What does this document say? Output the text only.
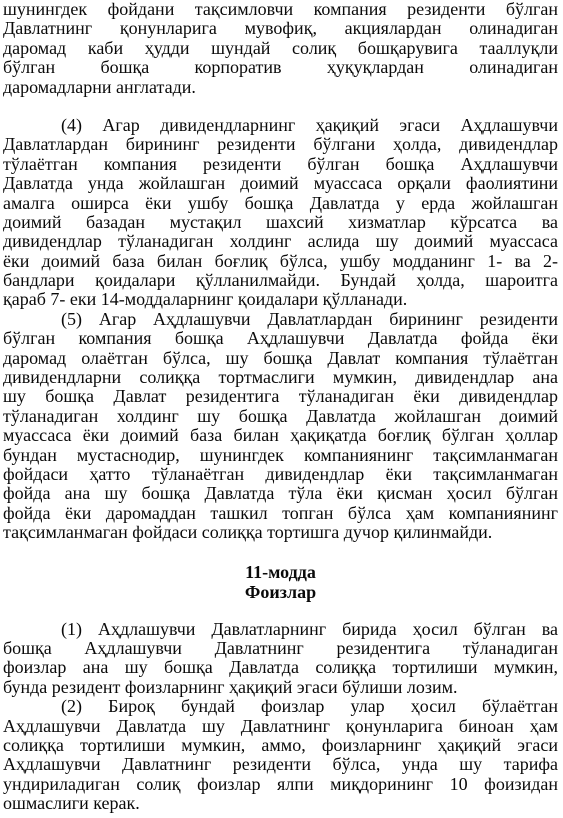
шунингдек фойдани тақсимловчи компания резиденти бўлган
Давлатнинг қонунларига мувофиқ, акциялардан олинадиган
даромад каби ҳудди шундай солиқ бошқарувига тааллуқли
бўлган бошқа корпоратив ҳуқуқлардан олинадиган
даромадларни англатади.
(4) Агар дивидендларнинг ҳақиқий эгаси Аҳдлашувчи
Давлатлардан бирининг резиденти бўлгани ҳолда, дивидендлар
тўлаётган компания резиденти бўлган бошқа Аҳдлашувчи
Давлатда унда жойлашган доимий муассаса орқали фаолиятини
амалга оширса ёки ушбу бошқа Давлатда у ерда жойлашган
доимий базадан мустақил шахсий хизматлар кўрсатса ва
дивидендлар тўланадиган холдинг аслида шу доимий муассаса
ёки доимий база билан боғлиқ бўлса, ушбу модданинг 1- ва 2-
бандлари қоидалари қўлланилмайди. Бундай ҳолда, шароитга
қараб 7- еки 14-моддаларнинг қоидалари қўлланади.
(5) Агар Аҳдлашувчи Давлатлардан бирининг резиденти
бўлган компания бошқа Аҳдлашувчи Давлатда фойда ёки
даромад олаётган бўлса, шу бошқа Давлат компания тўлаётган
дивидендларни солиққа тортмаслиги мумкин, дивидендлар ана
шу бошқа Давлат резидентига тўланадиган ёки дивидендлар
тўланадиган холдинг шу бошқа Давлатда жойлашган доимий
муассаса ёки доимий база билан ҳақиқатда боғлиқ бўлган ҳоллар
бундан мустаснодир, шунингдек компаниянинг тақсимланмаган
фойдаси ҳатто тўланаётган дивидендлар ёки тақсимланмаган
фойда ана шу бошқа Давлатда тўла ёки қисман ҳосил бўлган
фойда ёки даромаддан ташкил топган бўлса ҳам компаниянинг
тақсимланмаган фойдаси солиққа тортишга дучор қилинмайди.
11-модда
Фоизлар
(1) Аҳдлашувчи Давлатларнинг бирида ҳосил бўлган ва
бошқа Аҳдлашувчи Давлатнинг резидентига тўланадиган
фоизлар ана шу бошқа Давлатда солиққа тортилиши мумкин,
бунда резидент фоизларнинг ҳақиқий эгаси бўлиши лозим.
(2) Бироқ бундай фоизлар улар ҳосил бўлаётган
Аҳдлашувчи Давлатда шу Давлатнинг қонунларига биноан ҳам
солиққа тортилиши мумкин, аммо, фоизларнинг ҳақиқий эгаси
Аҳдлашувчи Давлатнинг резиденти бўлса, унда шу тарифа
ундириладиган солиқ фоизлар ялпи миқдорининг 10 фоизидан
ошмаслиги керак.
